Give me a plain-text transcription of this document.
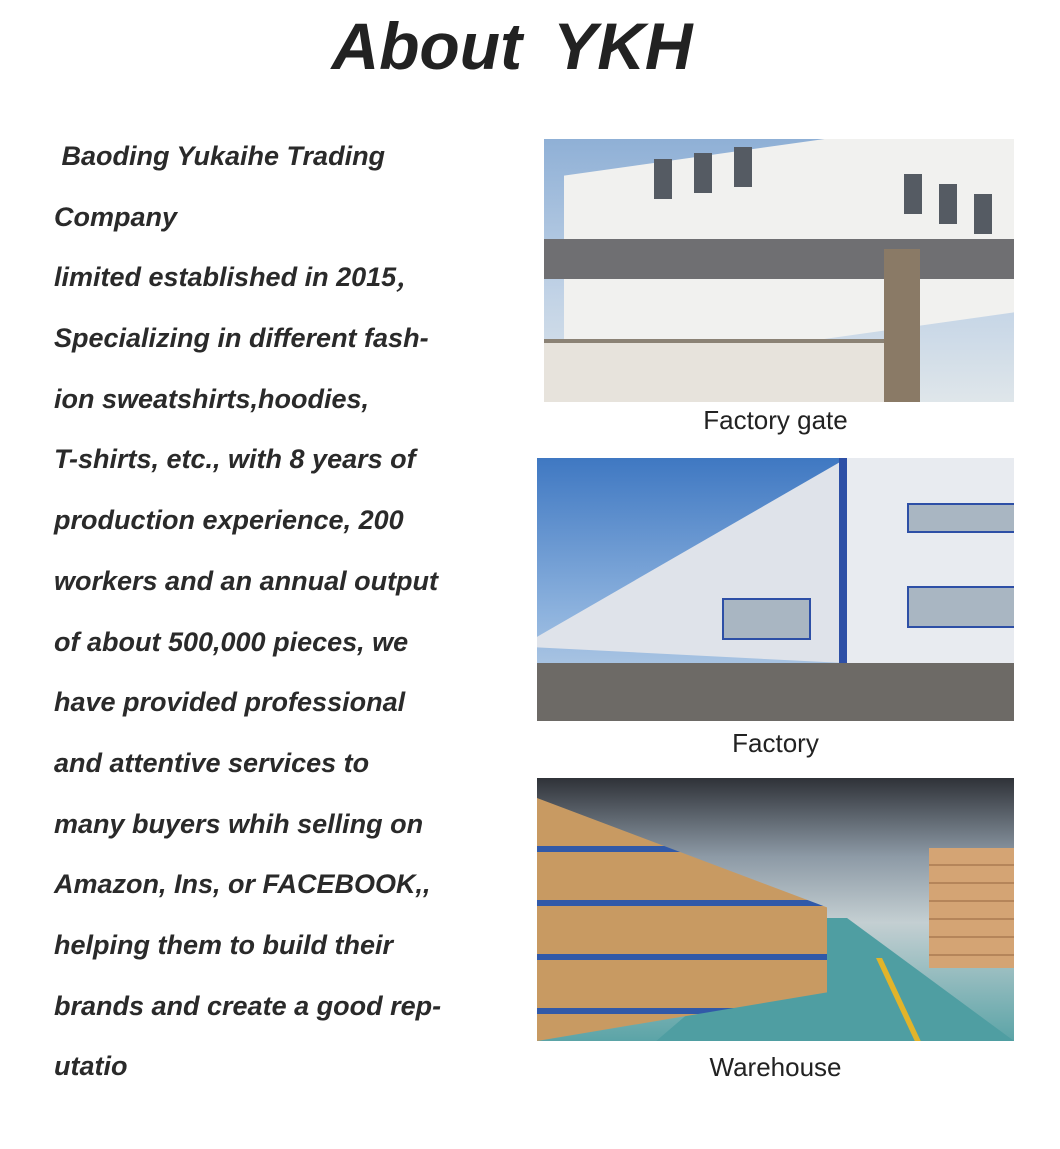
About YKH
Baoding Yukaihe Trading
Company
limited established in 2015，
Specializing in different fash-
ion sweatshirts,hoodies,
T-shirts, etc., with 8 years of
production experience, 200
workers and an annual output
of about 500,000 pieces, we
have provided professional
and attentive services to
many buyers whih selling on
Amazon, Ins, or FACEBOOK,,
helping them to build their
brands and create a good rep-
utatio
Factory gate
Factory
Warehouse
